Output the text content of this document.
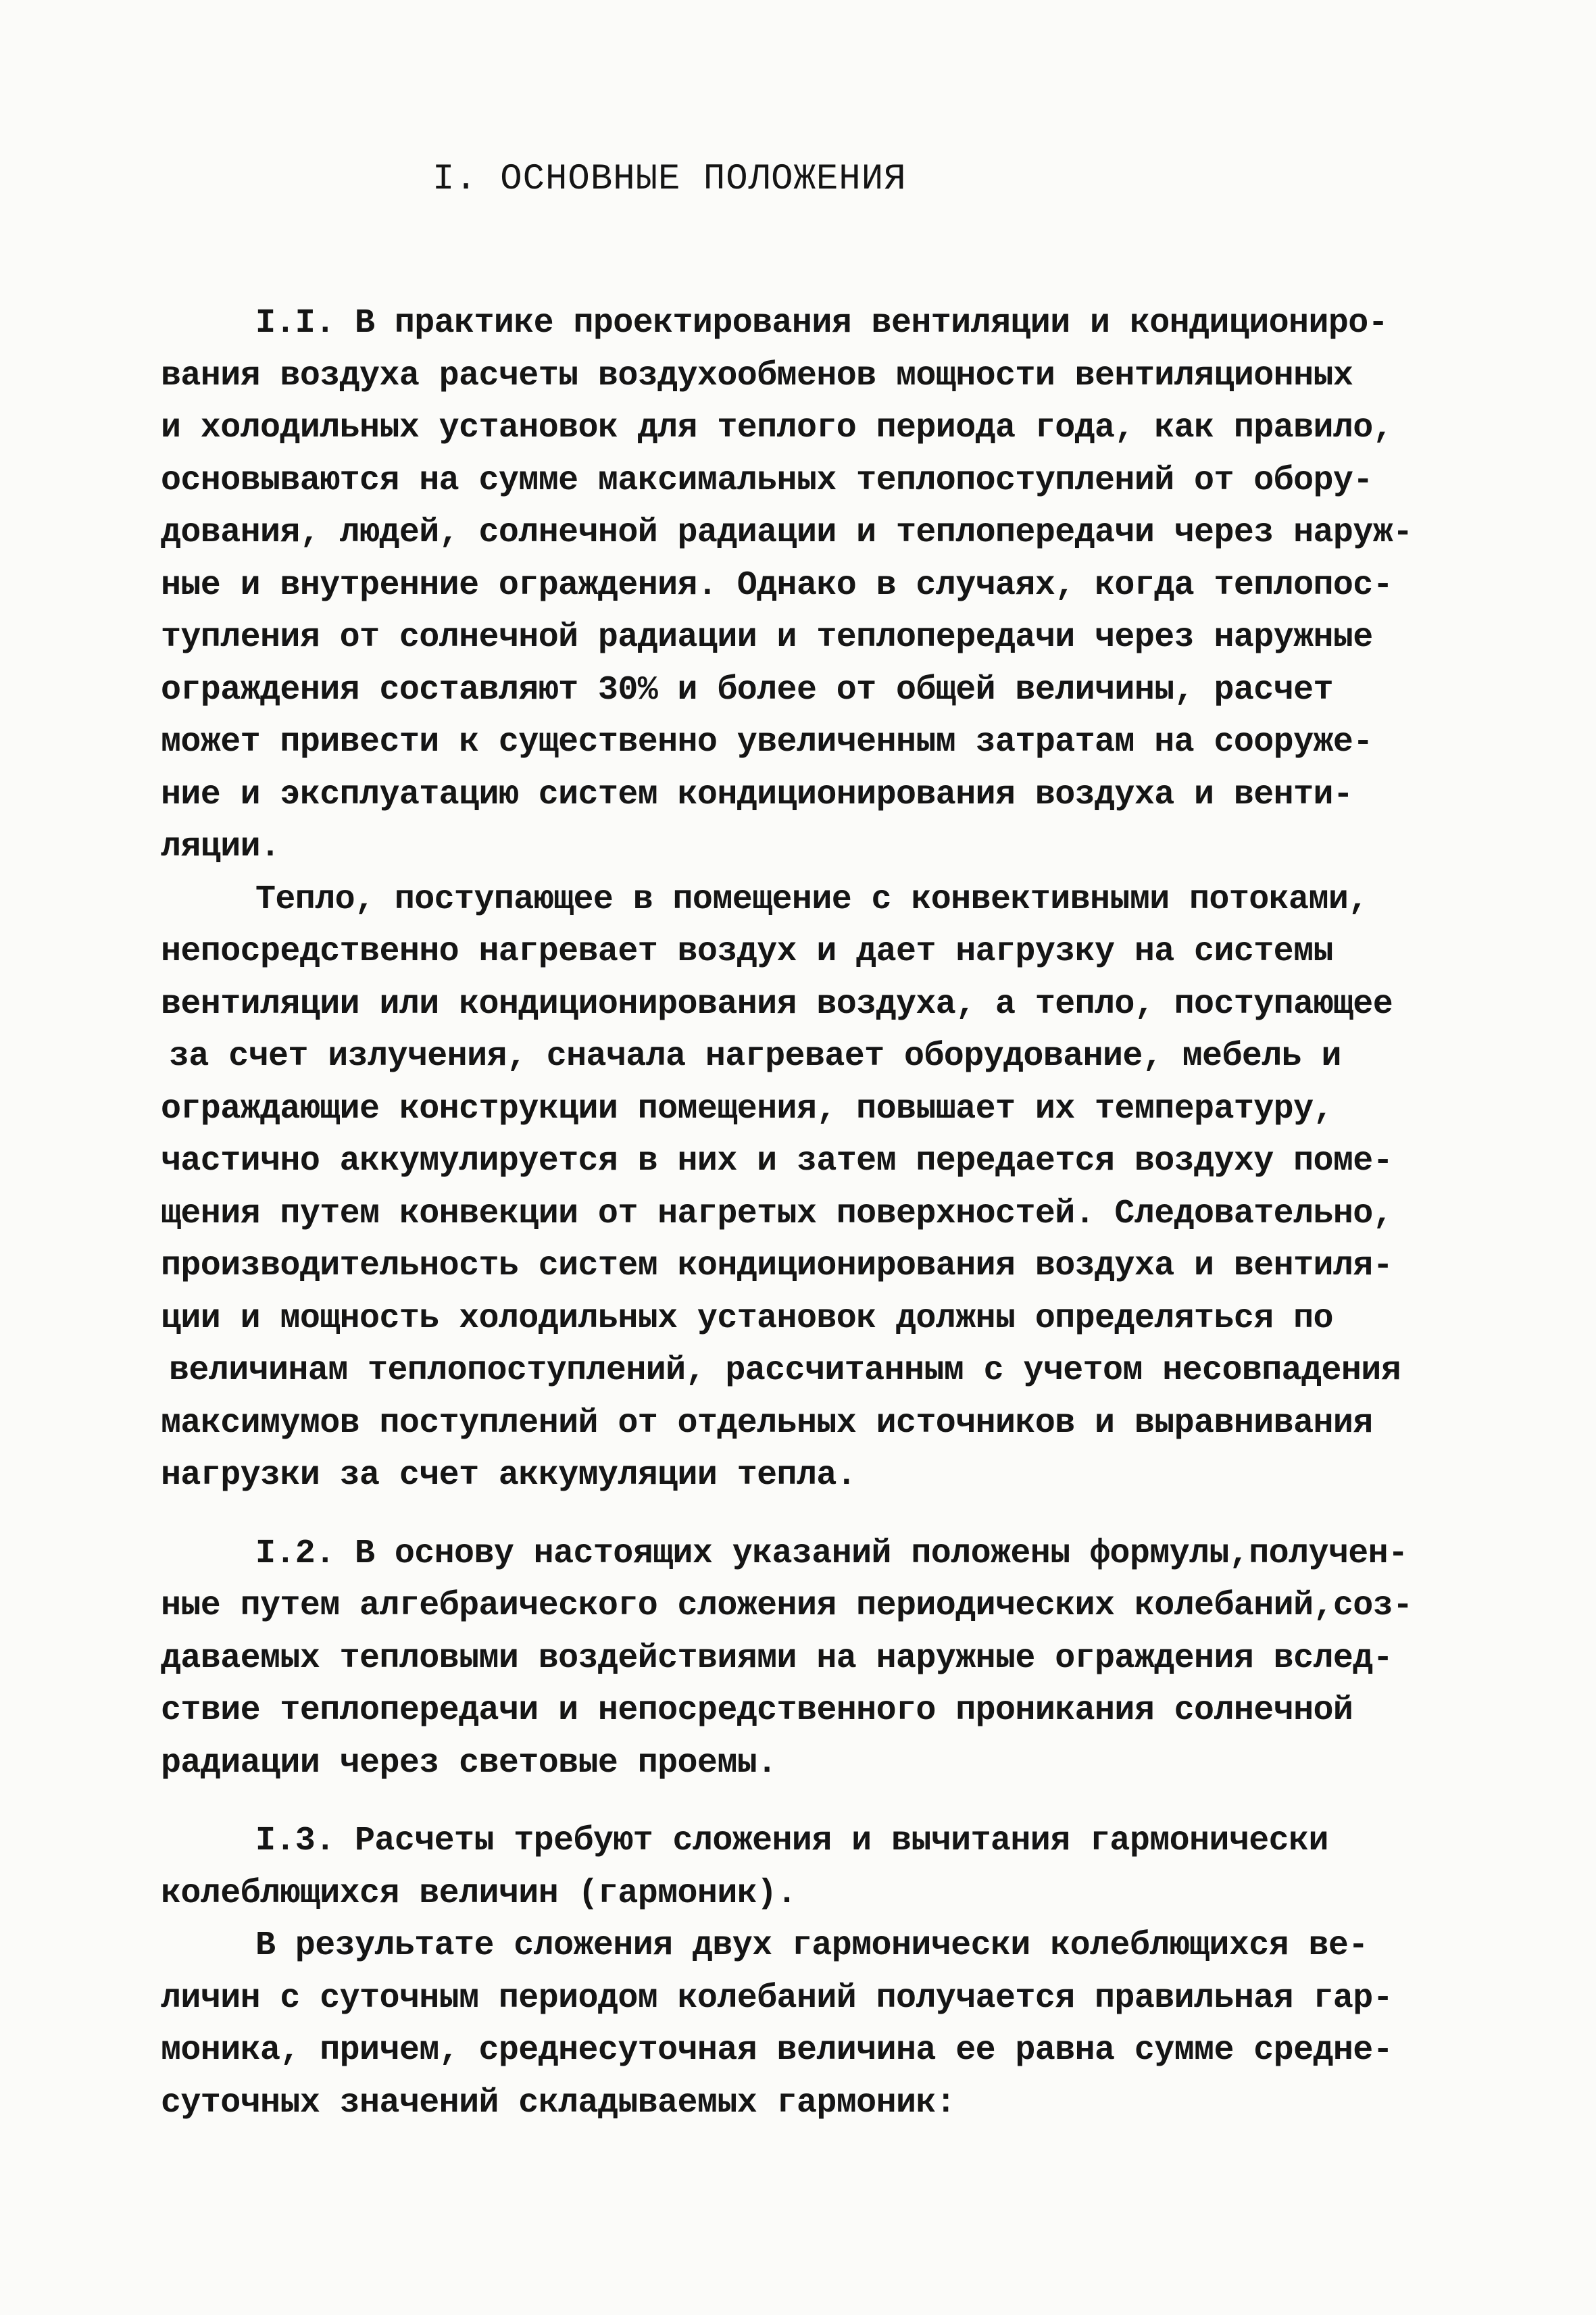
I. ОСНОВНЫЕ ПОЛОЖЕНИЯ
I.I. В практике проектирования вентиляции и кондициониро-
вания воздуха расчеты воздухообменов мощности вентиляционных
и холодильных установок для теплого периода года, как правило,
основываются на сумме максимальных теплопоступлений от обору-
дования, людей, солнечной радиации и теплопередачи через наруж-
ные и внутренние ограждения. Однако в случаях, когда теплопос-
тупления от солнечной радиации и теплопередачи через наружные
ограждения составляют 30% и более от общей величины, расчет
может привести к существенно увеличенным затратам на сооруже-
ние и эксплуатацию систем кондиционирования воздуха и венти-
ляции.
Тепло, поступающее в помещение с конвективными потоками,
непосредственно нагревает воздух и дает нагрузку на системы
вентиляции или кондиционирования воздуха, а тепло, поступающее
за счет излучения, сначала нагревает оборудование, мебель и
ограждающие конструкции помещения, повышает их температуру,
частично аккумулируется в них и затем передается воздуху поме-
щения путем конвекции от нагретых поверхностей. Следовательно,
производительность систем кондиционирования воздуха и вентиля-
ции и мощность холодильных установок должны определяться по
величинам теплопоступлений, рассчитанным с учетом несовпадения
максимумов поступлений от отдельных источников и выравнивания
нагрузки за счет аккумуляции тепла.
I.2. В основу настоящих указаний положены формулы,получен-
ные путем алгебраического сложения периодических колебаний,соз-
даваемых тепловыми воздействиями на наружные ограждения вслед-
ствие теплопередачи и непосредственного проникания солнечной
радиации через световые проемы.
I.3. Расчеты требуют сложения и вычитания гармонически
колеблющихся величин (гармоник).
В результате сложения двух гармонически колеблющихся ве-
личин с суточным периодом колебаний получается правильная гар-
моника, причем, среднесуточная величина ее равна сумме средне-
суточных значений складываемых гармоник:
